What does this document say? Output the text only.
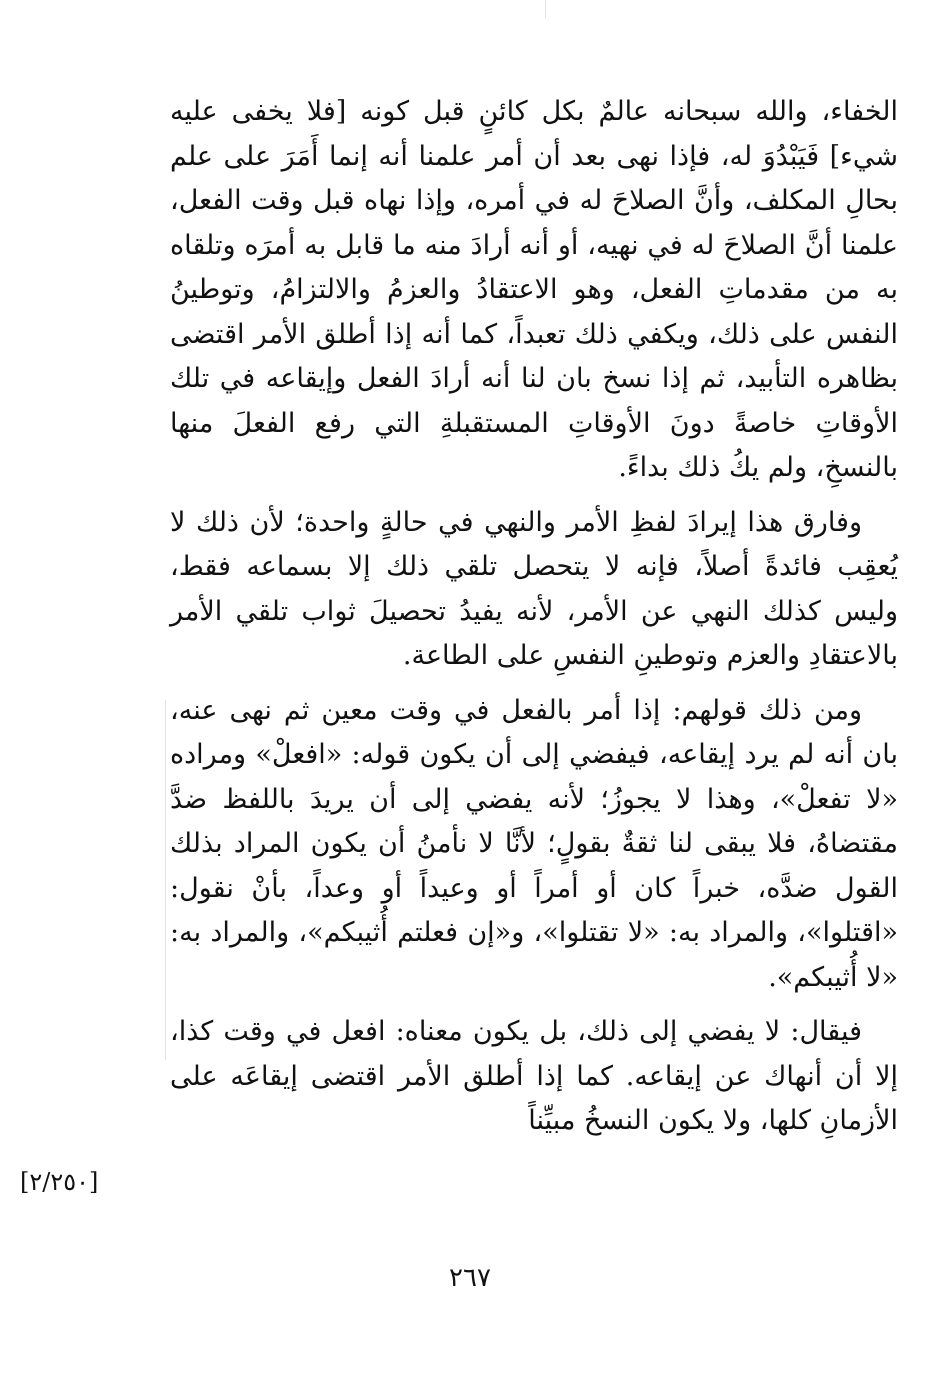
الخفاء، والله سبحانه عالمٌ بكل كائنٍ قبل كونه [فلا يخفى عليه شيء] فَيَبْدُوَ له، فإذا نهى بعد أن أمر علمنا أنه إنما أَمَرَ على علم بحالِ المكلف، وأنَّ الصلاحَ له في أمره، وإذا نهاه قبل وقت الفعل، علمنا أنَّ الصلاحَ له في نهيه، أو أنه أرادَ منه ما قابل به أمرَه وتلقاه به من مقدماتِ الفعل، وهو الاعتقادُ والعزمُ والالتزامُ، وتوطينُ النفس على ذلك، ويكفي ذلك تعبداً، كما أنه إذا أطلق الأمر اقتضى بظاهره التأبيد، ثم إذا نسخ بان لنا أنه أرادَ الفعل وإيقاعه في تلك الأوقاتِ خاصةً دونَ الأوقاتِ المستقبلةِ التي رفع الفعلَ منها بالنسخِ، ولم يكُ ذلك بداءً.

وفارق هذا إيرادَ لفظِ الأمر والنهي في حالةٍ واحدة؛ لأن ذلك لا يُعقِب فائدةً أصلاً، فإنه لا يتحصل تلقي ذلك إلا بسماعه فقط، وليس كذلك النهي عن الأمر، لأنه يفيدُ تحصيلَ ثواب تلقي الأمر بالاعتقادِ والعزم وتوطينِ النفسِ على الطاعة.

ومن ذلك قولهم: إذا أمر بالفعل في وقت معين ثم نهى عنه، بان أنه لم يرد إيقاعه، فيفضي إلى أن يكون قوله: «افعلْ» ومراده «لا تفعلْ»، وهذا لا يجوزُ؛ لأنه يفضي إلى أن يريدَ باللفظ ضدَّ مقتضاهُ، فلا يبقى لنا ثقةٌ بقولٍ؛ لأنَّا لا نأمنُ أن يكون المراد بذلك القول ضدَّه، خبراً كان أو أمراً أو وعيداً أو وعداً، بأنْ نقول: «اقتلوا»، والمراد به: «لا تقتلوا»، و«إن فعلتم أُثيبكم»، والمراد به: «لا أُثيبكم».

فيقال: لا يفضي إلى ذلك، بل يكون معناه: افعل في وقت كذا، إلا أن أنهاك عن إيقاعه. كما إذا أطلق الأمر اقتضى إيقاعَه على الأزمانِ كلها، ولا يكون النسخُ مبيِّناً

[٢/٢٥٠]
٢٦٧
